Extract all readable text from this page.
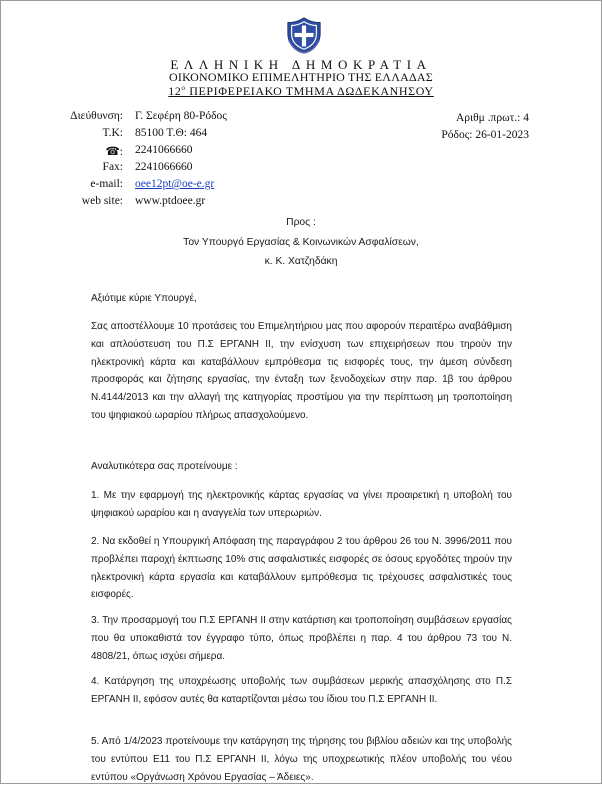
ΕΛΛΗΝΙΚΗ ΔΗΜΟΚΡΑΤΙΑ
ΟΙΚΟΝΟΜΙΚΟ ΕΠΙΜΕΛΗΤΗΡΙΟ ΤΗΣ ΕΛΛΑΔΑΣ
$12^o$ ΠΕΡΙΦΕΡΕΙΑΚΟ ΤΜΗΜΑ ΔΩΔΕΚΑΝΗΣΟΥ
Διεύθυνση:	Γ. Σεφέρη 80-Ρόδος
Τ.Κ:	85100 Τ.Θ: 464
☎:	2241066660
Fax:	2241066660
e-mail:	oee12pt@oe-e.gr
web site:	www.ptdoee.gr
Αριθμ .πρωτ.: 4
Ρόδος: 26-01-2023
Προς :
Τον Υπουργό Εργασίας & Κοινωνικών Ασφαλίσεων,
κ. Κ. Χατζηδάκη
Αξιότιμε κύριε Υπουργέ,
Σας αποστέλλουμε 10 προτάσεις του Επιμελητήριου μας που αφορούν περαιτέρω αναβάθμιση και απλούστευση του Π.Σ ΕΡΓΑΝΗ ΙΙ, την ενίσχυση των επιχειρήσεων που τηρούν την ηλεκτρονική κάρτα και καταβάλλουν εμπρόθεσμα τις εισφορές τους, την άμεση σύνδεση προσφοράς και ζήτησης εργασίας, την ένταξη των ξενοδοχείων στην παρ. 1β του άρθρου Ν.4144/2013 και την αλλαγή της κατηγορίας προστίμου για την περίπτωση μη τροποποίηση του ψηφιακού ωραρίου πλήρως απασχολούμενο.
Αναλυτικότερα σας προτείνουμε :
1. Με την εφαρμογή της ηλεκτρονικής κάρτας εργασίας να γίνει προαιρετική η υποβολή του ψηφιακού ωραρίου και η αναγγελία των υπερωριών.
2. Να εκδοθεί η Υπουργική Απόφαση της παραγράφου 2 του άρθρου 26 του Ν. 3996/2011 που προβλέπει παροχή έκπτωσης 10% στις ασφαλιστικές εισφορές σε όσους εργοδότες τηρούν την ηλεκτρονική κάρτα εργασία και καταβάλλουν εμπρόθεσμα τις τρέχουσες ασφαλιστικές τους εισφορές.
3. Την προσαρμογή του Π.Σ ΕΡΓΑΝΗ ΙΙ στην κατάρτιση και τροποποίηση συμβάσεων εργασίας που θα υποκαθιστά τον έγγραφο τύπο, όπως προβλέπει η παρ. 4 του άρθρου 73 του Ν. 4808/21, όπως ισχύει σήμερα.
4. Κατάργηση της υποχρέωσης υποβολής των συμβάσεων μερικής απασχόλησης στο Π.Σ ΕΡΓΑΝΗ ΙΙ, εφόσον αυτές θα καταρτίζονται μέσω του ίδιου του Π.Σ ΕΡΓΑΝΗ ΙΙ.
5. Από 1/4/2023 προτείνουμε την κατάργηση της τήρησης του βιβλίου αδειών και της υποβολής του εντύπου Ε11 του Π.Σ ΕΡΓΑΝΗ ΙΙ, λόγω της υποχρεωτικής πλέον υποβολής του νέου εντύπου «Οργάνωση Χρόνου Εργασίας – Άδειες».
